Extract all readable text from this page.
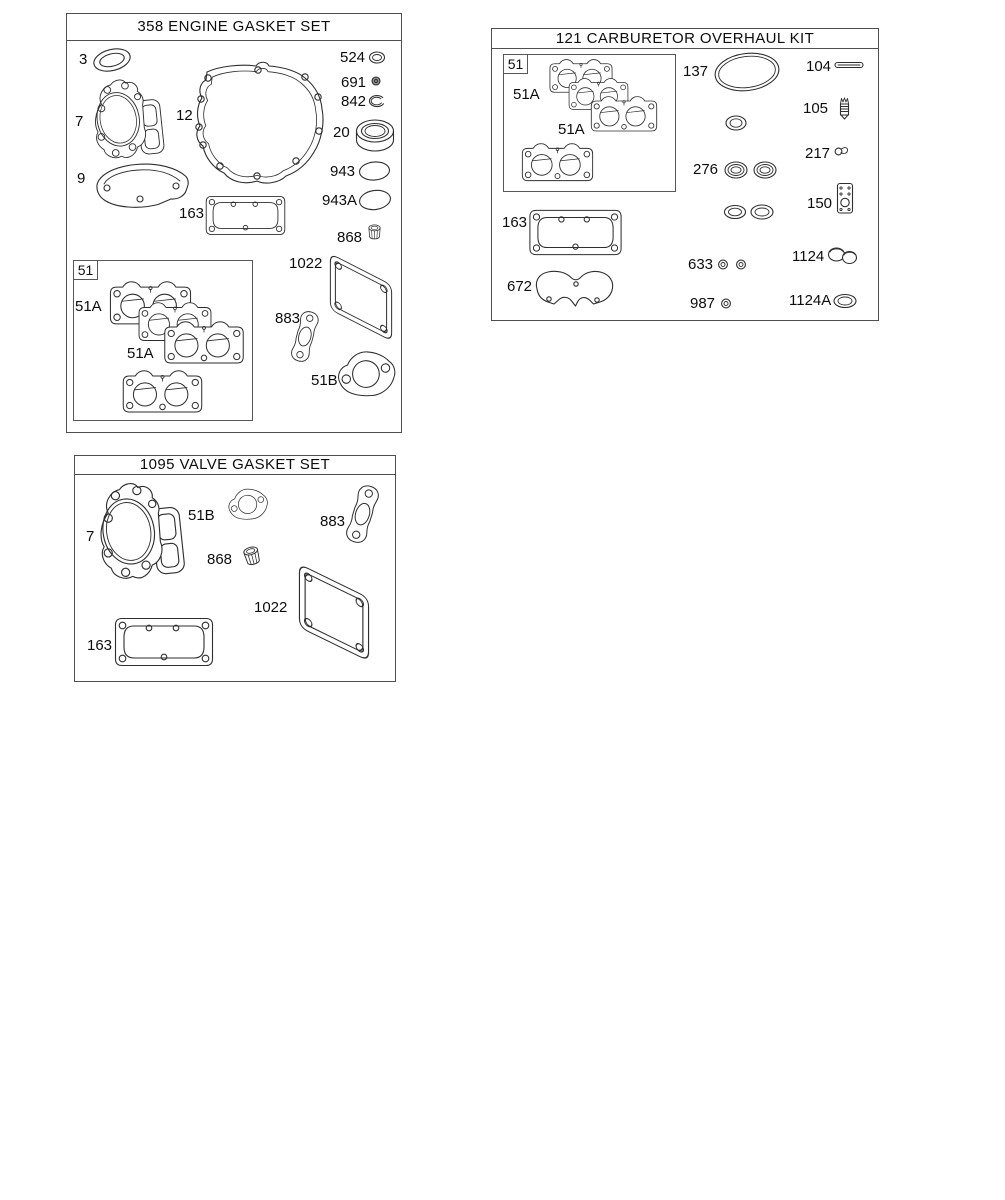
358 ENGINE GASKET SET
121 CARBURETOR OVERHAUL KIT
1095 VALVE GASKET SET
51
51
3
7	12
9
524
691
842
20
943
943A
163
868
1022
883
51B
51A
51A
51A
51A
137	104
105
217
276
150
633	1124
987	1124A
163
672
7
51B	883
868
1022
163
